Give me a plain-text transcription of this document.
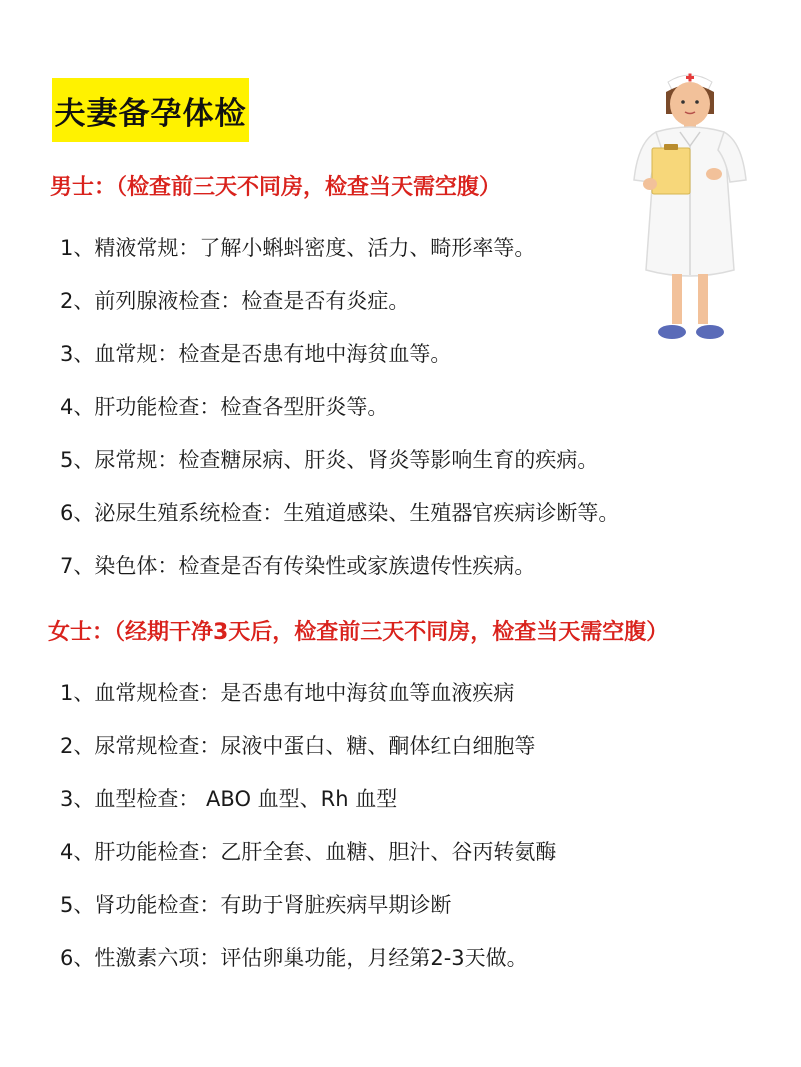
夫妻备孕体检
男士：（检查前三天不同房，检查当天需空腹）
1、精液常规：了解小蝌蚪密度、活力、畸形率等。
2、前列腺液检查：检查是否有炎症。
3、血常规：检查是否患有地中海贫血等。
4、肝功能检查：检查各型肝炎等。
5、尿常规：检查糖尿病、肝炎、肾炎等影响生育的疾病。
6、泌尿生殖系统检查：生殖道感染、生殖器官疾病诊断等。
7、染色体：检查是否有传染性或家族遗传性疾病。
女士：（经期干净3天后，检查前三天不同房，检查当天需空腹）
1、血常规检查：是否患有地中海贫血等血液疾病
2、尿常规检查：尿液中蛋白、糖、酮体红白细胞等
3、血型检查： ABO 血型、Rh 血型
4、肝功能检查：乙肝全套、血糖、胆汁、谷丙转氨酶
5、肾功能检查：有助于肾脏疾病早期诊断
6、性激素六项：评估卵巢功能，月经第2-3天做。
